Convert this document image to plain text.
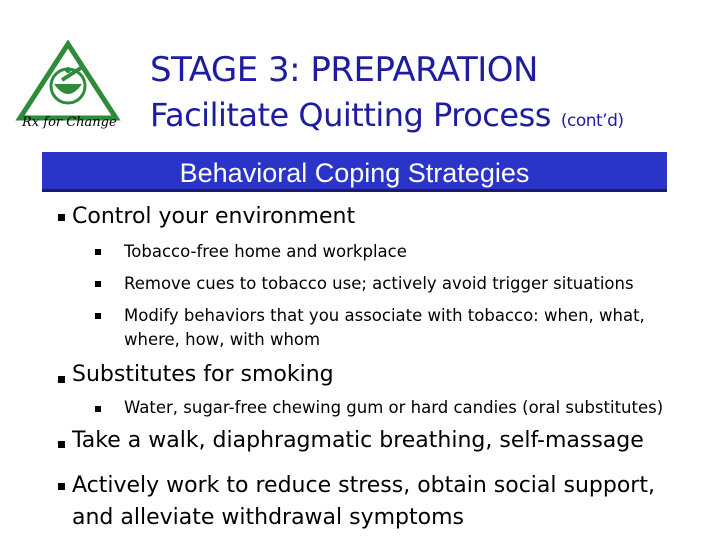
Rx for Change
STAGE 3: PREPARATION
Facilitate Quitting Process (cont’d)
Behavioral Coping Strategies
Control your environment
Tobacco-free home and workplace
Remove cues to tobacco use; actively avoid trigger situations
Modify behaviors that you associate with tobacco: when, what, where, how, with whom
Substitutes for smoking
Water, sugar-free chewing gum or hard candies (oral substitutes)
Take a walk, diaphragmatic breathing, self-massage
Actively work to reduce stress, obtain social support, and alleviate withdrawal symptoms
